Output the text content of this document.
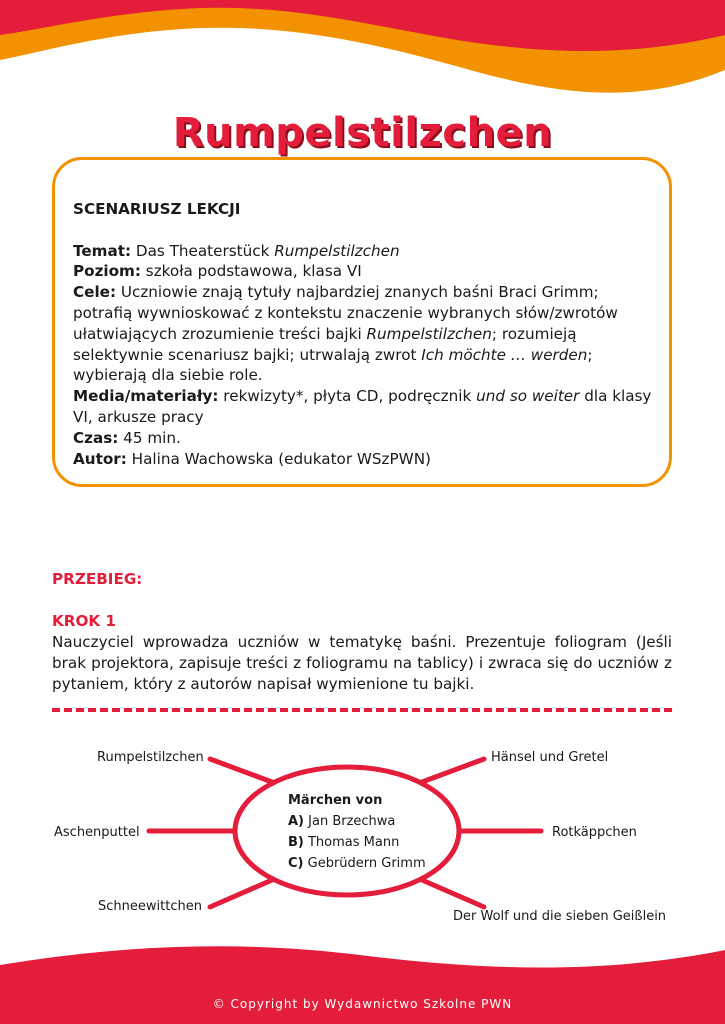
Rumpelstilzchen
SCENARIUSZ LEKCJI
Temat: Das Theaterstück Rumpelstilzchen
Poziom: szkoła podstawowa, klasa VI
Cele: Uczniowie znają tytuły najbardziej znanych baśni Braci Grimm; potrafią wywnioskować z kontekstu znaczenie wybranych słów/zwrotów ułatwiających zrozumienie treści bajki Rumpelstilzchen; rozumieją selektywnie scenariusz bajki; utrwalają zwrot Ich möchte … werden; wybierają dla siebie role.
Media/materiały: rekwizyty*, płyta CD, podręcznik und so weiter dla klasy VI, arkusze pracy
Czas: 45 min.
Autor: Halina Wachowska (edukator WSzPWN)
PRZEBIEG:
KROK 1
Nauczyciel wprowadza uczniów w tematykę baśni. Prezentuje foliogram (Jeśli brak projektora, zapisuje treści z foliogramu na tablicy) i zwraca się do uczniów z pytaniem, który z autorów napisał wymienione tu bajki.
Rumpelstilzchen	Hänsel und Gretel
Aschenputtel	Rotkäppchen
Schneewittchen
Der Wolf und die sieben Geißlein
Märchen von
A) Jan Brzechwa
B) Thomas Mann
C) Gebrüdern Grimm
© Copyright by Wydawnictwo Szkolne PWN
